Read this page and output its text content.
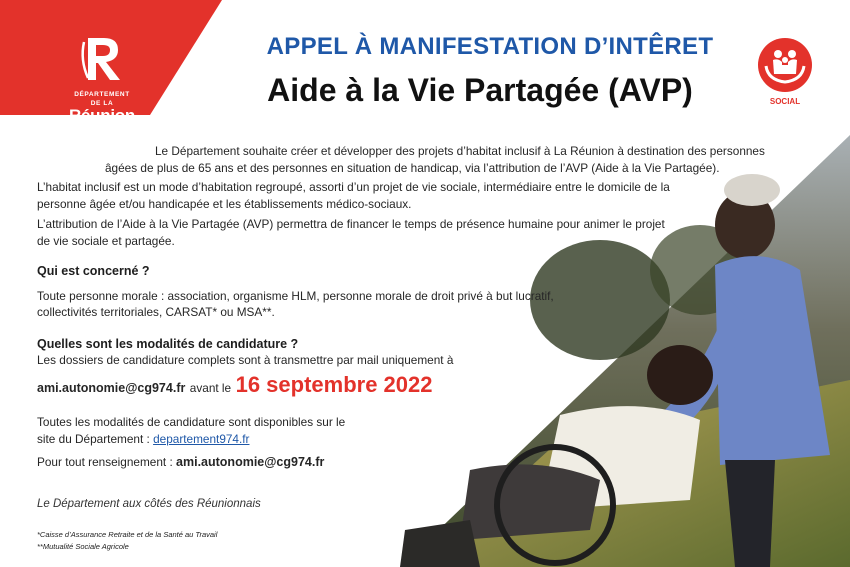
DÉPARTEMENT
DE LA
Réunion
APPEL À MANIFESTATION D’INTÊRET
Aide à la Vie Partagée (AVP)	SOCIAL
Le Département souhaite créer et développer des projets d’habitat inclusif à La Réunion à destination des personnes
âgées de plus de 65 ans et des personnes en situation de handicap, via l’attribution de l’AVP (Aide à la Vie Partagée).
L’habitat inclusif est un mode d’habitation regroupé, assorti d’un projet de vie sociale, intermédiaire entre le domicile de la
personne âgée et/ou handicapée et les établissements médico-sociaux.
L’attribution de l’Aide à la Vie Partagée (AVP) permettra de financer le temps de présence humaine pour animer le projet
de vie sociale et partagée.
Qui est concerné ?
Toute personne morale : association, organisme HLM, personne morale de droit privé à but lucratif,
collectivités territoriales, CARSAT* ou MSA**.
Quelles sont les modalités de candidature ?
Les dossiers de candidature complets sont à transmettre par mail uniquement à
ami.autonomie@cg974.fr avant le 16 septembre 2022
Toutes les modalités de candidature sont disponibles sur le
site du Département : departement974.fr
Pour tout renseignement : ami.autonomie@cg974.fr
Le Département aux côtés des Réunionnais
*Caisse d’Assurance Retraite et de la Santé au Travail
**Mutualité Sociale Agricole
